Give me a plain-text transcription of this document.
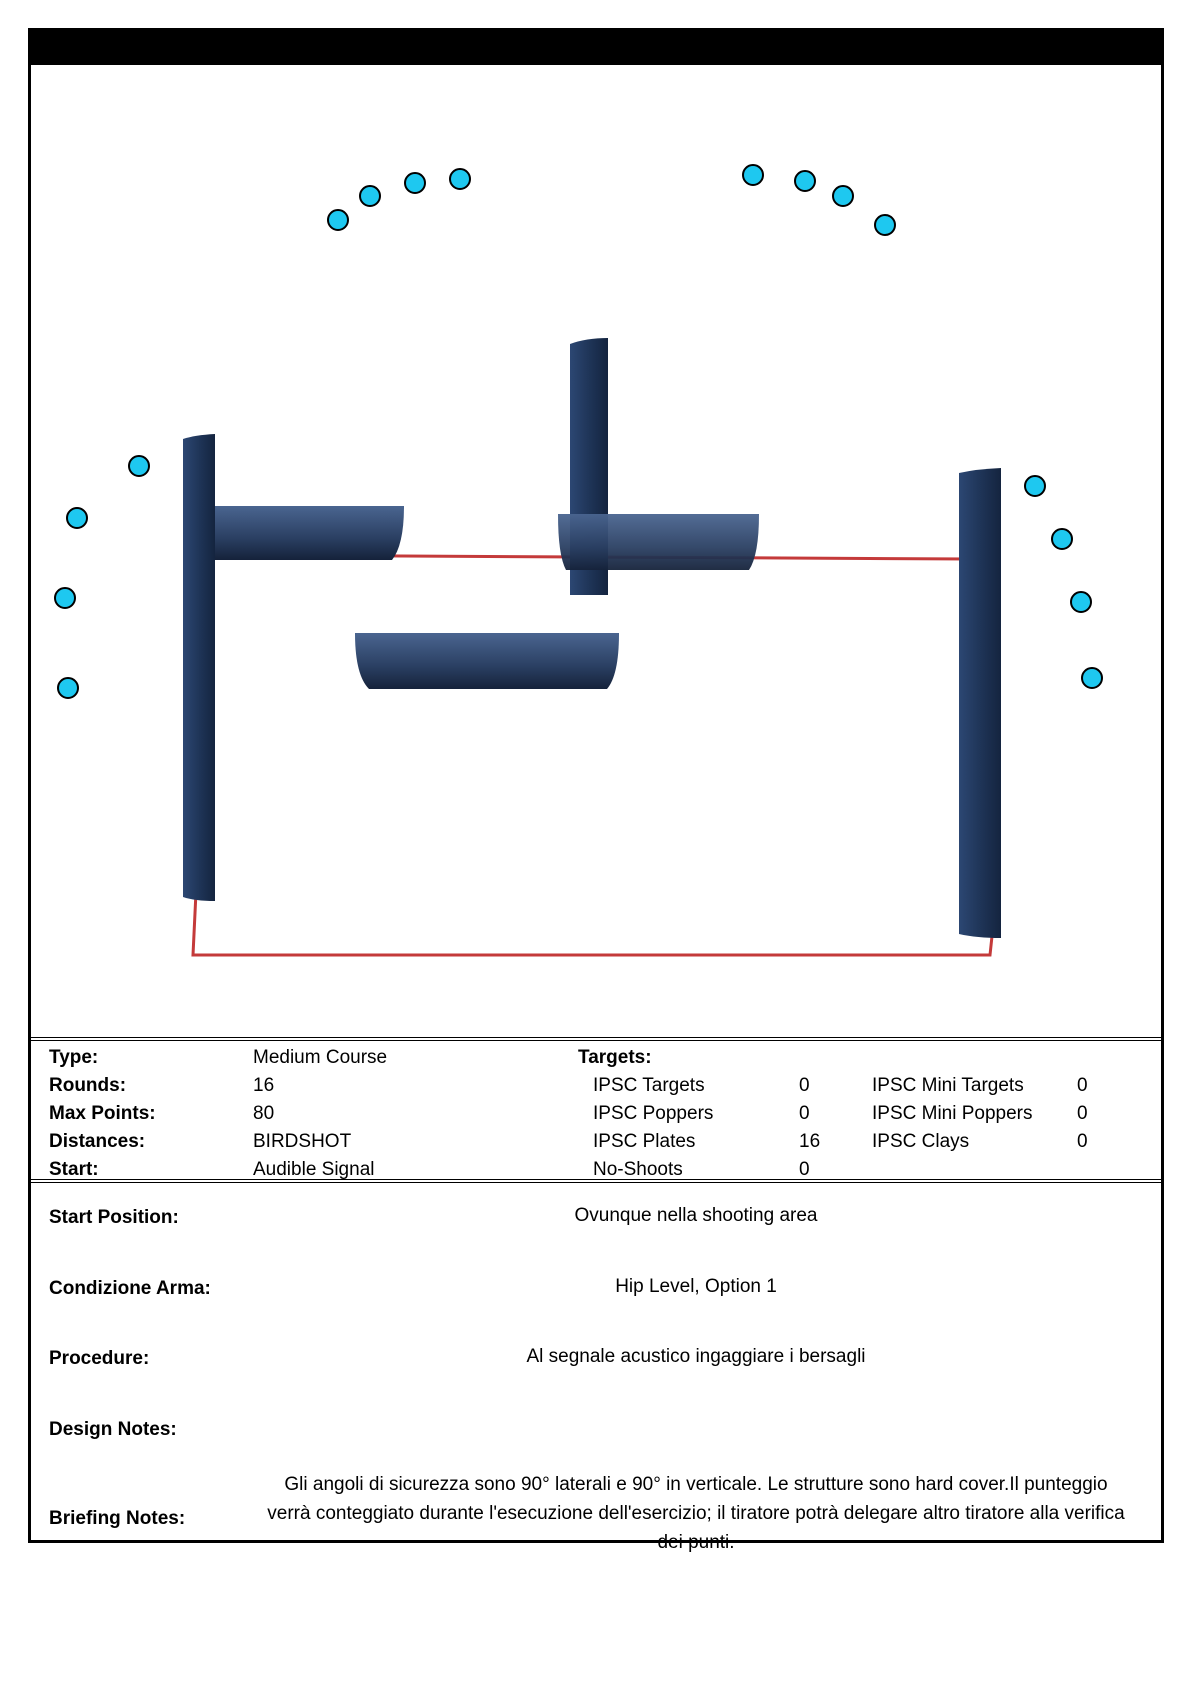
Type:	Medium Course
Rounds:	16
Max Points:	80
Distances:	BIRDSHOT
Start:	Audible Signal
Targets:
IPSC Targets	0
IPSC Poppers	0
IPSC Plates	16
No-Shoots	0
IPSC Mini Targets	0
IPSC Mini Poppers 0
IPSC Clays	0
Start Position:	Ovunque nella shooting area
Condizione Arma:	Hip Level, Option 1
Procedure:	Al segnale acustico ingaggiare i bersagli
Design Notes:
Briefing Notes:
Gli angoli di sicurezza sono 90° laterali e 90° in verticale. Le strutture sono hard cover.Il punteggio verrà conteggiato durante l'esecuzione dell'esercizio; il tiratore potrà delegare altro tiratore alla verifica dei punti.
